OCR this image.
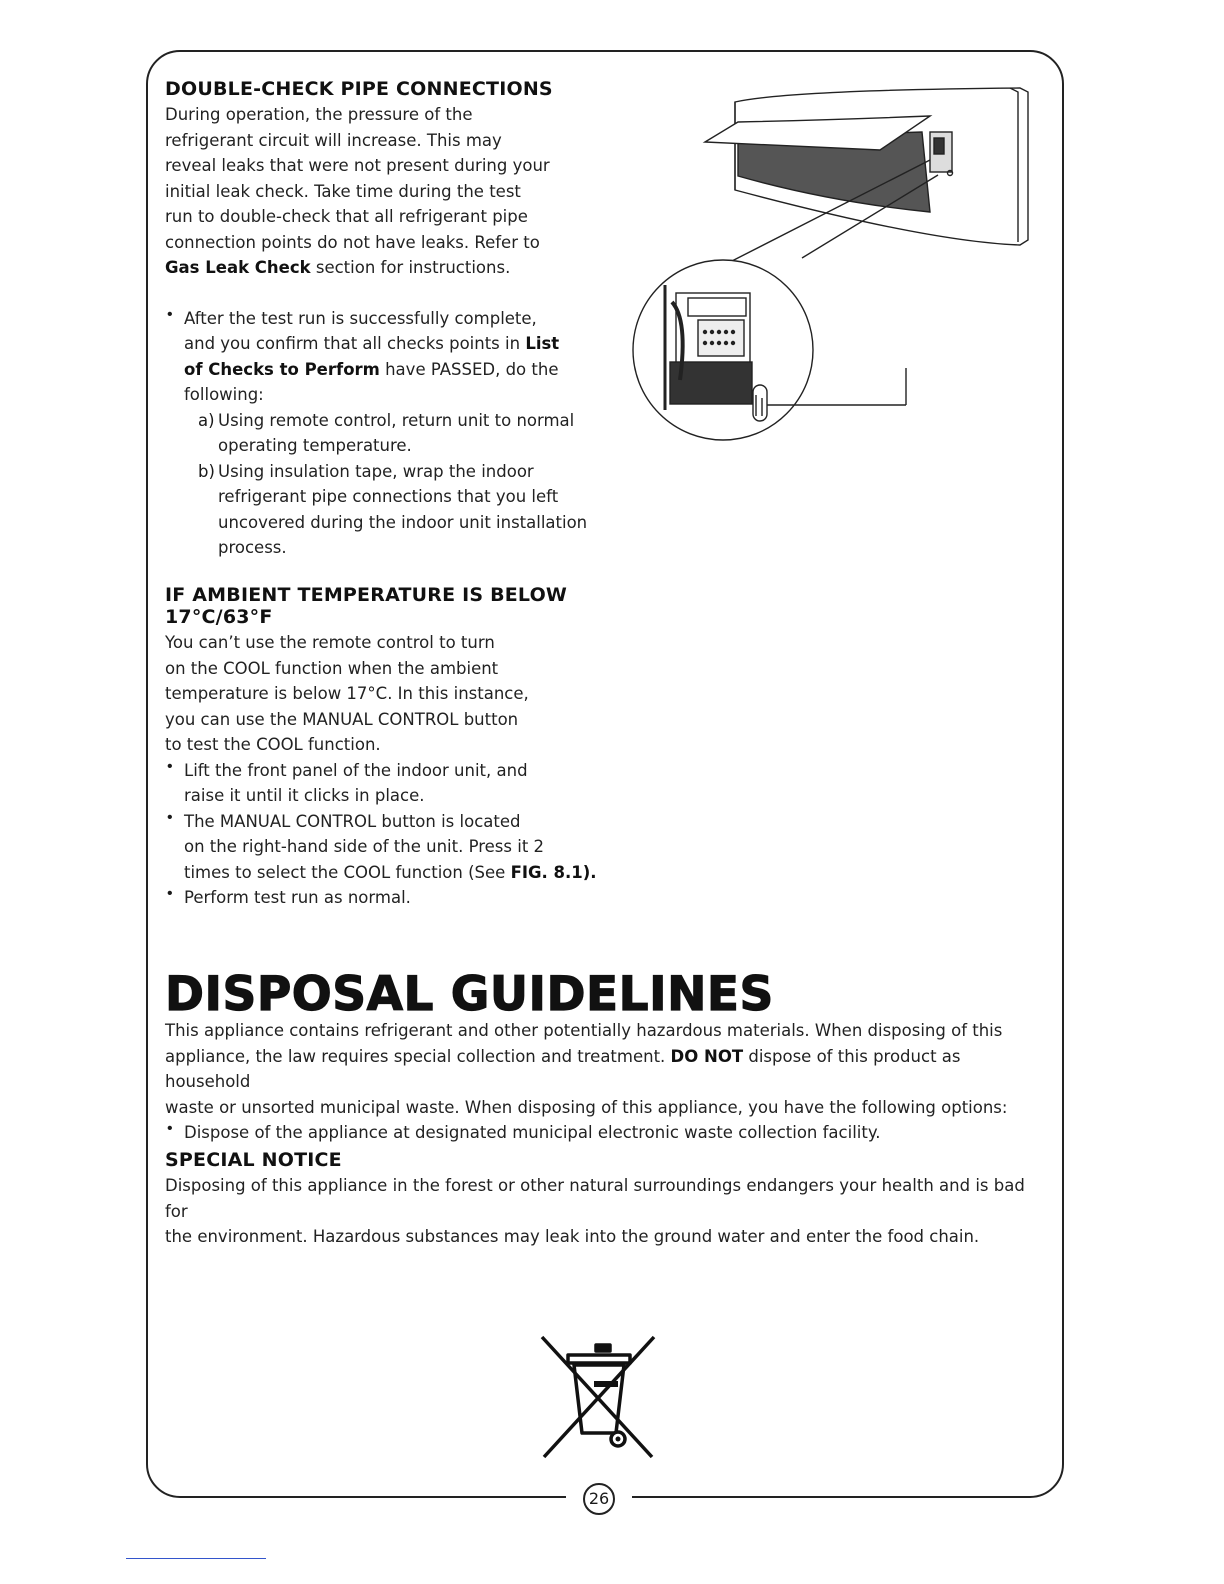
26
DOUBLE-CHECK PIPE CONNECTIONS

During operation, the pressure of the

refrigerant circuit will increase. This may

reveal leaks that were not present during your

initial leak check. Take time during the test

run to double-check that all refrigerant pipe

connection points do not have leaks. Refer to

Gas Leak Check section for instructions.

• After the test run is successfully complete,

and you confirm that all checks points in List

of Checks to Perform have PASSED, do the

following:

a) Using remote control, return unit to normal

operating temperature.

b) Using insulation tape, wrap the indoor

refrigerant pipe connections that you left

uncovered during the indoor unit installation

process.

IF AMBIENT TEMPERATURE IS BELOW
17°C/63°F

You can’t use the remote control to turn

on the COOL function when the ambient

temperature is below 17°C. In this instance,

you can use the MANUAL CONTROL button

to test the COOL function.

• Lift the front panel of the indoor unit, and

raise it until it clicks in place.

• The MANUAL CONTROL button is located

on the right-hand side of the unit. Press it 2

times to select the COOL function (See FIG. 8.1).

• Perform test run as normal.

DISPOSAL GUIDELINES

This appliance contains refrigerant and other potentially hazardous materials. When disposing of this

appliance, the law requires special collection and treatment. DO NOT dispose of this product as household

waste or unsorted municipal waste. When disposing of this appliance, you have the following options:

• Dispose of the appliance at designated municipal electronic waste collection facility.

SPECIAL NOTICE

Disposing of this appliance in the forest or other natural surroundings endangers your health and is bad for

the environment. Hazardous substances may leak into the ground water and enter the food chain.
